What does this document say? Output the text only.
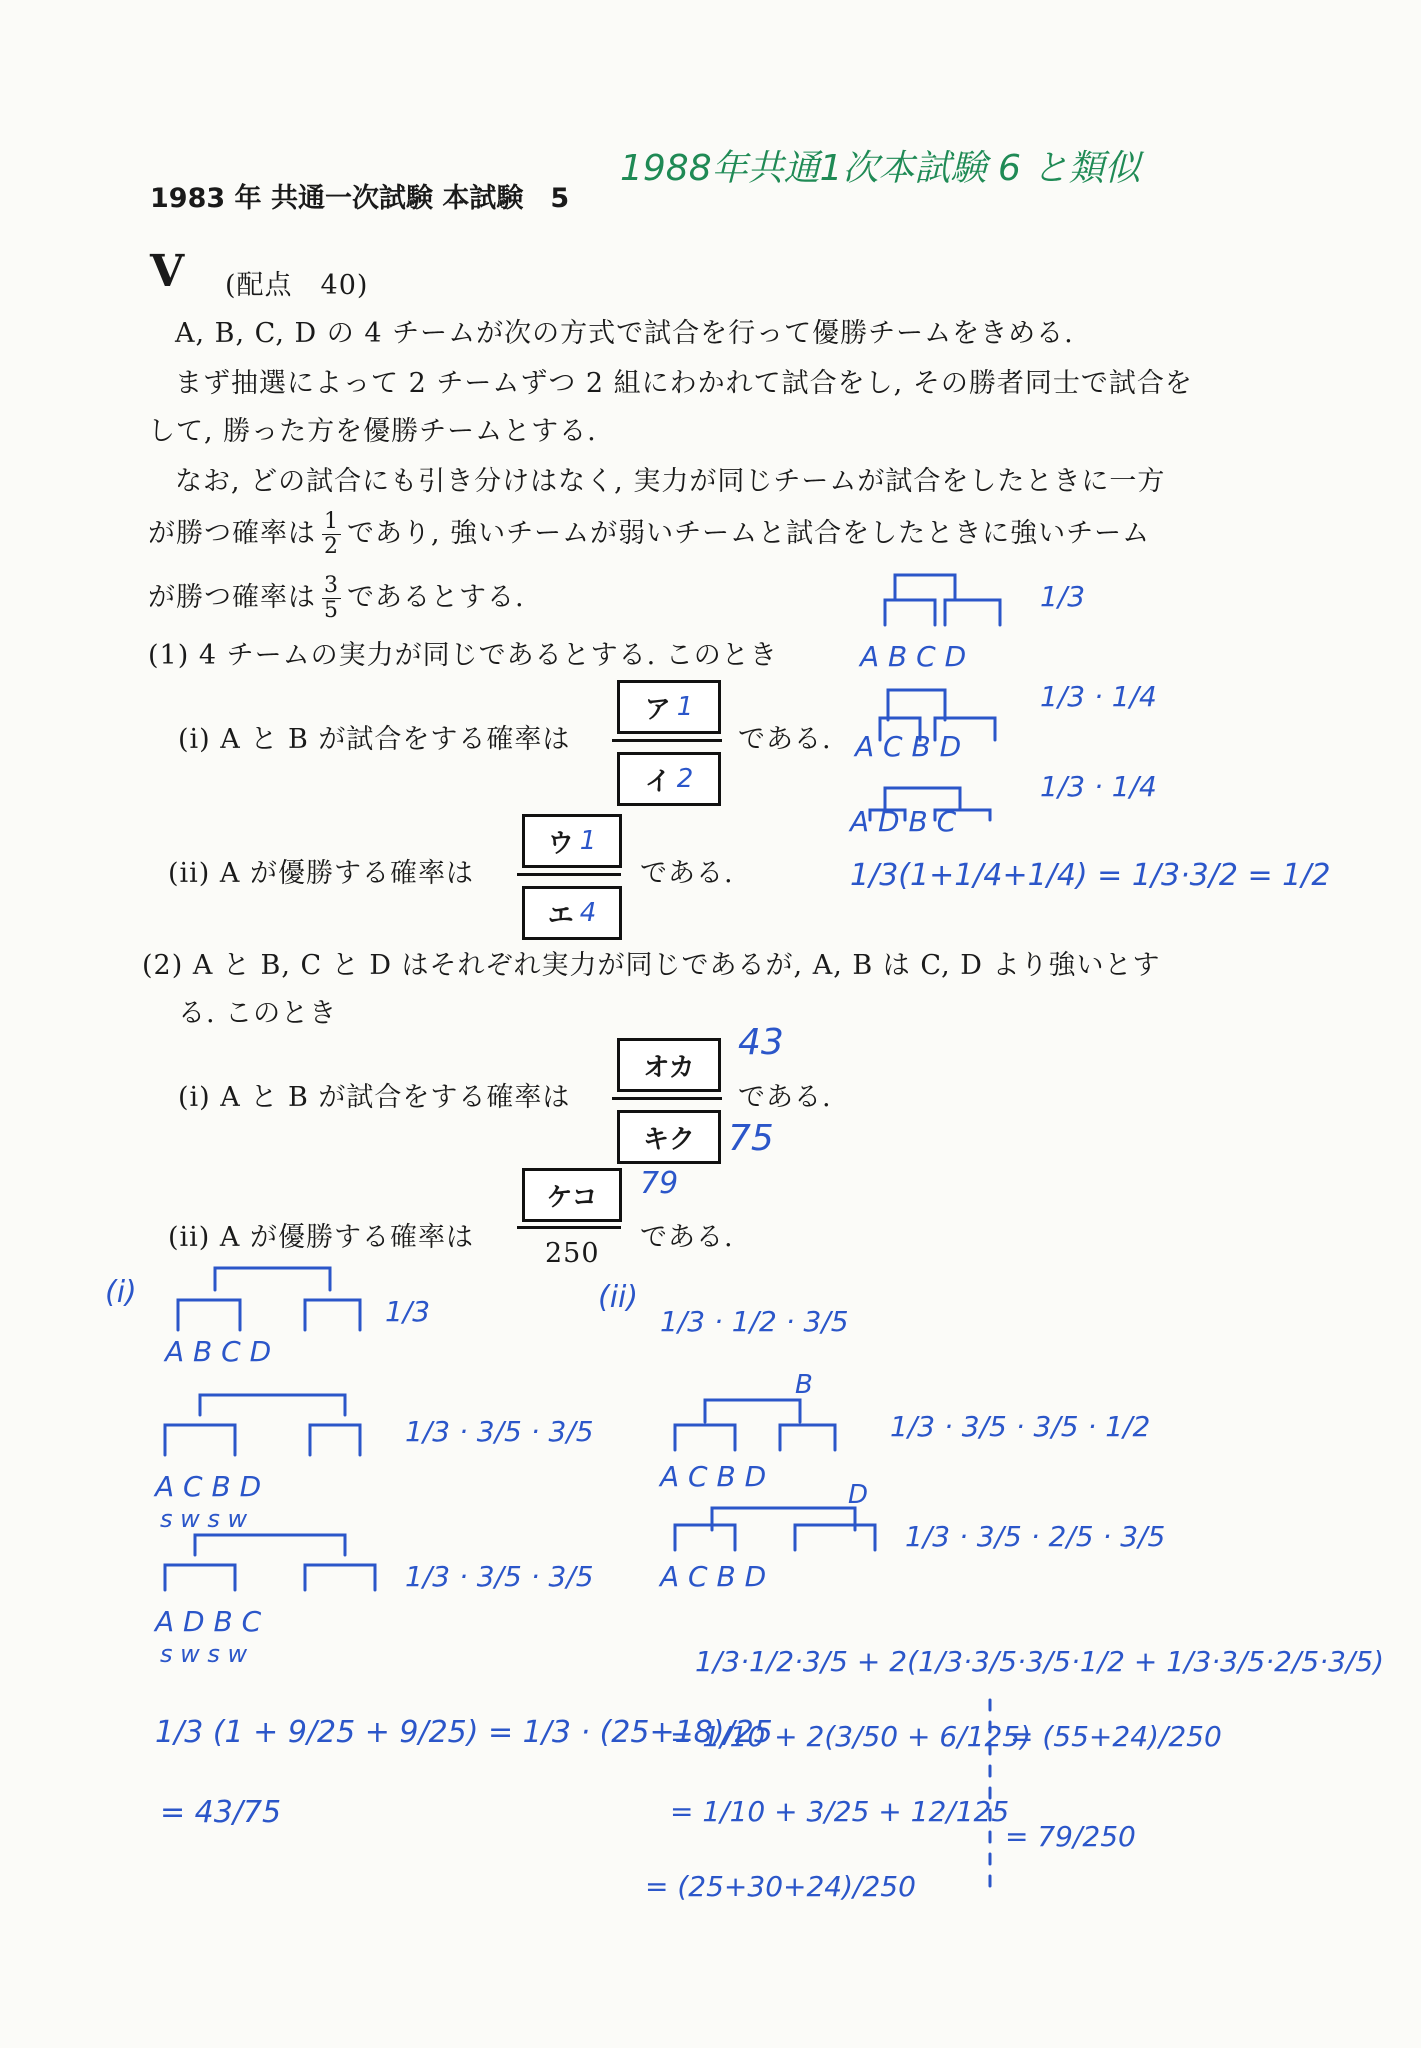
1983 年 共通一次試験 本試験　5
1988年共通1次本試験 6 と類似
V (配点　40)
A, B, C, D の 4 チームが次の方式で試合を行って優勝チームをきめる.
まず抽選によって 2 チームずつ 2 組にわかれて試合をし, その勝者同士で試合を
して, 勝った方を優勝チームとする.
なお, どの試合にも引き分けはなく, 実力が同じチームが試合をしたときに一方
が勝つ確率は $\frac{1}{2}$ であり, 強いチームが弱いチームと試合をしたときに強いチーム
が勝つ確率は $\frac{3}{5}$ であるとする.
(1) 4 チームの実力が同じであるとする. このとき
(i) A と B が試合をする確率は
ア 1
イ 2
である.
(ii) A が優勝する確率は
ウ 1
エ 4
である.
(2) A と B, C と D はそれぞれ実力が同じであるが, A, B は C, D より強いとす
る. このとき
(i) A と B が試合をする確率は
オカ
キク
である.
43
75
(ii) A が優勝する確率は
ケコ
250
である.
79
A B C D
1/3
A C B D
1/3 · 1/4
A D B C
1/3 · 1/4
1/3(1+1/4+1/4) = 1/3·3/2 = 1/2
(i)
A B C D
1/3
A C B D
s w s w
1/3 · 3/5 · 3/5
A D B C
s w s w
1/3 · 3/5 · 3/5
1/3 (1 + 9/25 + 9/25) = 1/3 · (25+18)/25
= 43/75
(ii)
1/3 · 1/2 · 3/5
B
A C B D
1/3 · 3/5 · 3/5 · 1/2
D
A C B D
1/3 · 3/5 · 2/5 · 3/5
1/3·1/2·3/5 + 2(1/3·3/5·3/5·1/2 + 1/3·3/5·2/5·3/5)
= 1/10 + 2(3/50 + 6/125)
= 1/10 + 3/25 + 12/125
= (25+30+24)/250
= (55+24)/250
= 79/250
